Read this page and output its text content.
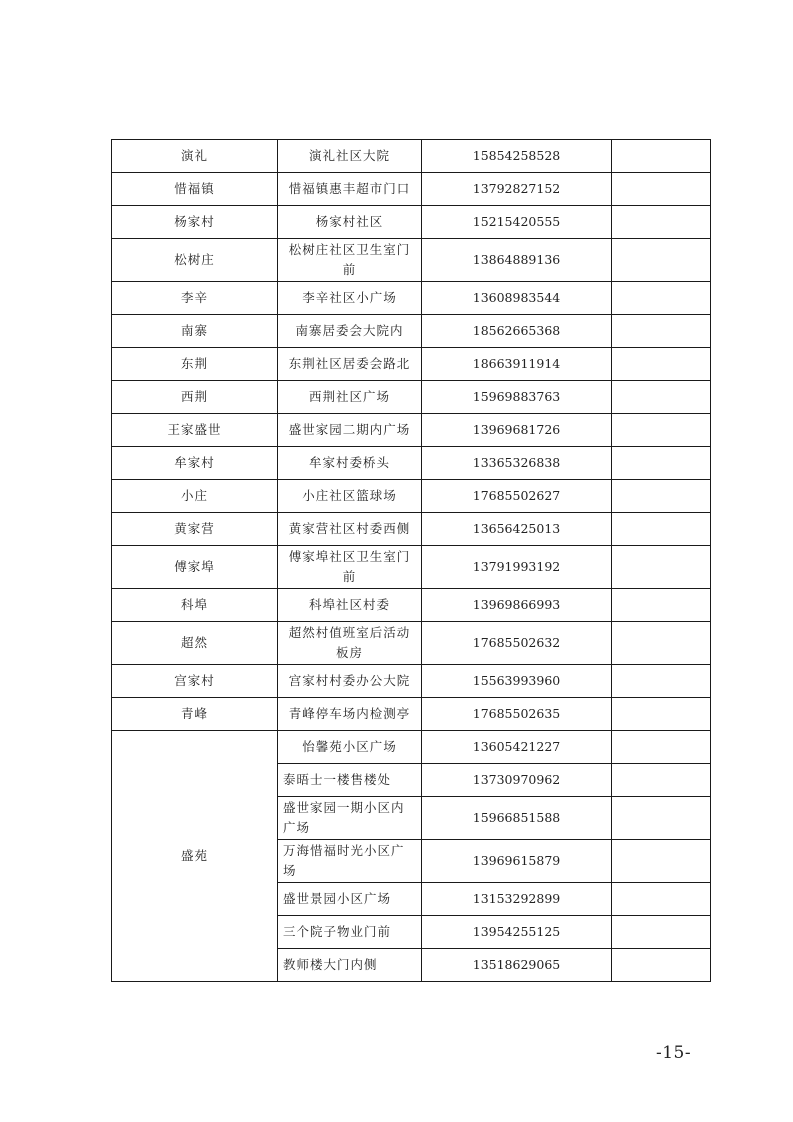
演礼	演礼社区大院	15854258528	
惜福镇	惜福镇惠丰超市门口	13792827152	
杨家村	杨家村社区	15215420555	
松树庄	松树庄社区卫生室门前	13864889136	
李辛	李辛社区小广场	13608983544	
南寨	南寨居委会大院内	18562665368	
东荆	东荆社区居委会路北	18663911914	
西荆	西荆社区广场	15969883763	
王家盛世	盛世家园二期内广场	13969681726	
牟家村	牟家村委桥头	13365326838	
小庄	小庄社区篮球场	17685502627	
黄家营	黄家营社区村委西侧	13656425013	
傅家埠	傅家埠社区卫生室门前	13791993192	
科埠	科埠社区村委	13969866993	
超然	超然村值班室后活动板房	17685502632	
宫家村	宫家村村委办公大院	15563993960	
青峰	青峰停车场内检测亭	17685502635	
盛苑	怡馨苑小区广场	13605421227	
	泰晤士一楼售楼处	13730970962	
	盛世家园一期小区内广场	15966851588	
	万海惜福时光小区广场	13969615879	
	盛世景园小区广场	13153292899	
	三个院子物业门前	13954255125	
	教师楼大门内侧	13518629065	
-15-
